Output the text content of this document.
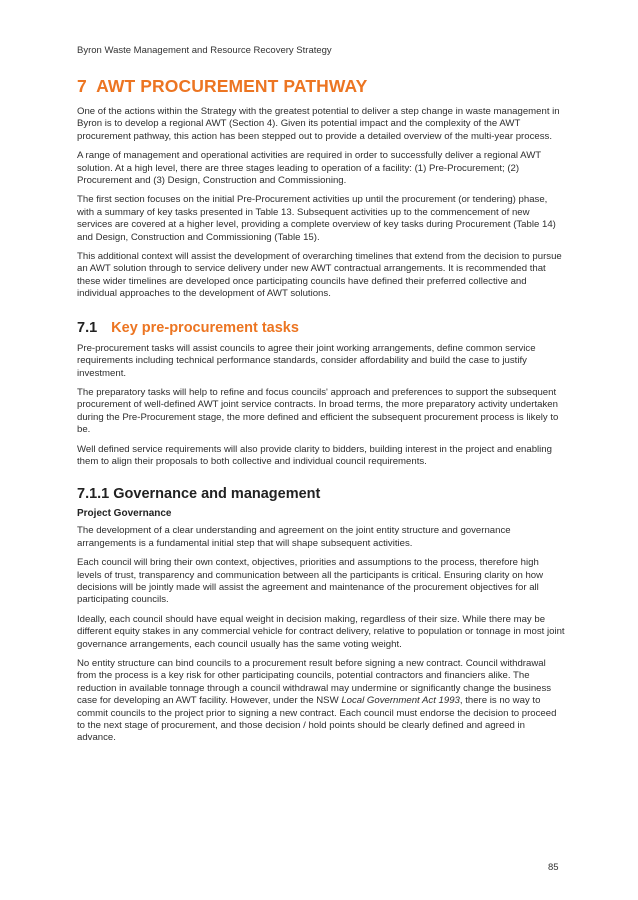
Byron Waste Management and Resource Recovery Strategy
7 AWT PROCUREMENT PATHWAY

One of the actions within the Strategy with the greatest potential to deliver a step change in waste management in Byron is to develop a regional AWT (Section 4). Given its potential impact and the complexity of the AWT procurement pathway, this action has been stepped out to provide a detailed overview of the multi-year process.

A range of management and operational activities are required in order to successfully deliver a regional AWT solution. At a high level, there are three stages leading to operation of a facility: (1) Pre-Procurement; (2) Procurement and (3) Design, Construction and Commissioning.

The first section focuses on the initial Pre-Procurement activities up until the procurement (or tendering) phase, with a summary of key tasks presented in Table 13. Subsequent activities up to the commencement of new services are covered at a higher level, providing a complete overview of key tasks during Procurement (Table 14) and Design, Construction and Commissioning (Table 15).

This additional context will assist the development of overarching timelines that extend from the decision to pursue an AWT solution through to service delivery under new AWT contractual arrangements. It is recommended that these wider timelines are developed once participating councils have defined their preferred collective and individual approaches to the development of AWT solutions.

7.1 Key pre-procurement tasks

Pre-procurement tasks will assist councils to agree their joint working arrangements, define common service requirements including technical performance standards, consider affordability and build the case to justify investment.

The preparatory tasks will help to refine and focus councils' approach and preferences to support the subsequent procurement of well-defined AWT joint service contracts. In broad terms, the more preparatory activity undertaken during the Pre-Procurement stage, the more defined and efficient the subsequent procurement process is likely to be.

Well defined service requirements will also provide clarity to bidders, building interest in the project and enabling them to align their proposals to both collective and individual council requirements.

7.1.1 Governance and management
Project Governance

The development of a clear understanding and agreement on the joint entity structure and governance arrangements is a fundamental initial step that will shape subsequent activities.

Each council will bring their own context, objectives, priorities and assumptions to the process, therefore high levels of trust, transparency and communication between all the participants is critical. Ensuring clarity on how decisions will be jointly made will assist the agreement and maintenance of the procurement objectives for all participating councils.

Ideally, each council should have equal weight in decision making, regardless of their size. While there may be different equity stakes in any commercial vehicle for contract delivery, relative to population or tonnage in most joint governance arrangements, each council usually has the same voting weight.

No entity structure can bind councils to a procurement result before signing a new contract. Council withdrawal from the process is a key risk for other participating councils, potential contractors and financiers alike. The reduction in available tonnage through a council withdrawal may undermine or significantly change the business case for developing an AWT facility. However, under the NSW Local Government Act 1993, there is no way to commit councils to the project prior to signing a new contract. Each council must endorse the decision to proceed to the next stage of procurement, and those decision / hold points should be clearly defined and agreed in advance.

85
